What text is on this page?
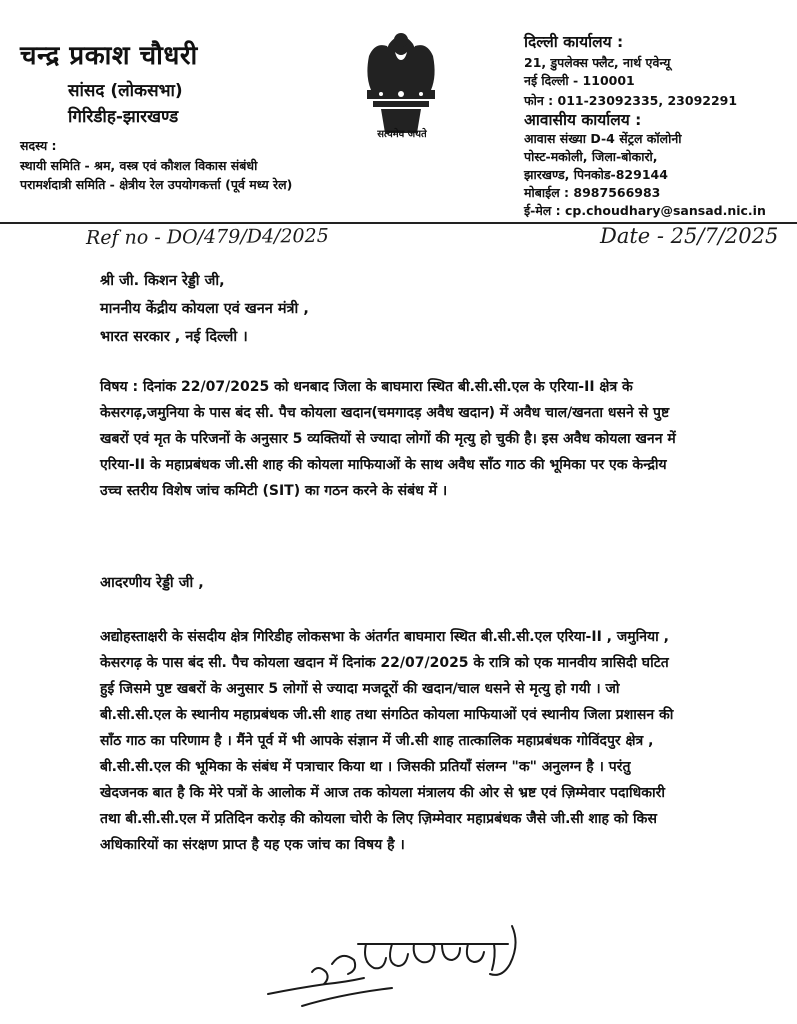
चन्द्र प्रकाश चौधरी
सांसद (लोकसभा)
गिरिडीह-झारखण्ड
सदस्य :
स्थायी समिति - श्रम, वस्त्र एवं कौशल विकास संबंधी
परामर्शदात्री समिति - क्षेत्रीय रेल उपयोगकर्त्ता (पूर्व मध्य रेल)
सत्यमेव जयते
दिल्ली कार्यालय :
21, डुपलेक्स फ्लैट, नार्थ एवेन्यू
नई दिल्ली - 110001
फोन : 011-23092335, 23092291
आवासीय कार्यालय :
आवास संख्या D-4 सेंट्रल कॉलोनी
पोस्ट-मकोली, जिला-बोकारो,
झारखण्ड, पिनकोड-829144
मोबाईल : 8987566983
ई-मेल : cp.choudhary@sansad.nic.in
Ref no - DO/479/D4/2025	Date - 25/7/2025
श्री जी. किशन रेड्डी जी,
माननीय केंद्रीय कोयला एवं खनन मंत्री ,
भारत सरकार , नई दिल्ली ।
विषय : दिनांक 22/07/2025 को धनबाद जिला के बाघमारा स्थित बी.सी.सी.एल के एरिया-II क्षेत्र के केसरगढ़,जमुनिया के पास बंद सी. पैच कोयला खदान(चमगादड़ अवैध खदान) में अवैध चाल/खनता धसने से पुष्ट खबरों एवं मृत के परिजनों के अनुसार 5 व्यक्तियों से ज्यादा लोगों की मृत्यु हो चुकी है। इस अवैध कोयला खनन में एरिया-II के महाप्रबंधक जी.सी शाह की कोयला माफियाओं के साथ अवैध साँठ गाठ की भूमिका पर एक केन्द्रीय उच्च स्तरीय विशेष जांच कमिटी (SIT) का गठन करने के संबंध में ।
आदरणीय रेड्डी जी ,
अद्योहस्ताक्षरी के संसदीय क्षेत्र गिरिडीह लोकसभा के अंतर्गत बाघमारा स्थित बी.सी.सी.एल एरिया-II , जमुनिया , केसरगढ़ के पास बंद सी. पैच कोयला खदान में दिनांक 22/07/2025 के रात्रि को एक मानवीय त्रासिदी घटित हुई जिसमे पुष्ट खबरों के अनुसार 5 लोगों से ज्यादा मजदूरों की खदान/चाल धसने से मृत्यु हो गयी । जो बी.सी.सी.एल के स्थानीय महाप्रबंधक जी.सी शाह तथा संगठित कोयला माफियाओं एवं स्थानीय जिला प्रशासन की साँठ गाठ का परिणाम है । मैंने पूर्व में भी आपके संज्ञान में जी.सी शाह तात्कालिक महाप्रबंधक गोविंदपुर क्षेत्र , बी.सी.सी.एल की भूमिका के संबंध में पत्राचार किया था । जिसकी प्रतियाँ संलग्न "क" अनुलग्न है । परंतु खेदजनक बात है कि मेरे पत्रों के आलोक में आज तक कोयला मंत्रालय की ओर से भ्रष्ट एवं ज़िम्मेवार पदाधिकारी तथा बी.सी.सी.एल में प्रतिदिन करोड़ की कोयला चोरी के लिए ज़िम्मेवार महाप्रबंधक जैसे जी.सी शाह को किस अधिकारियों का संरक्षण प्राप्त है यह एक जांच का विषय है ।
